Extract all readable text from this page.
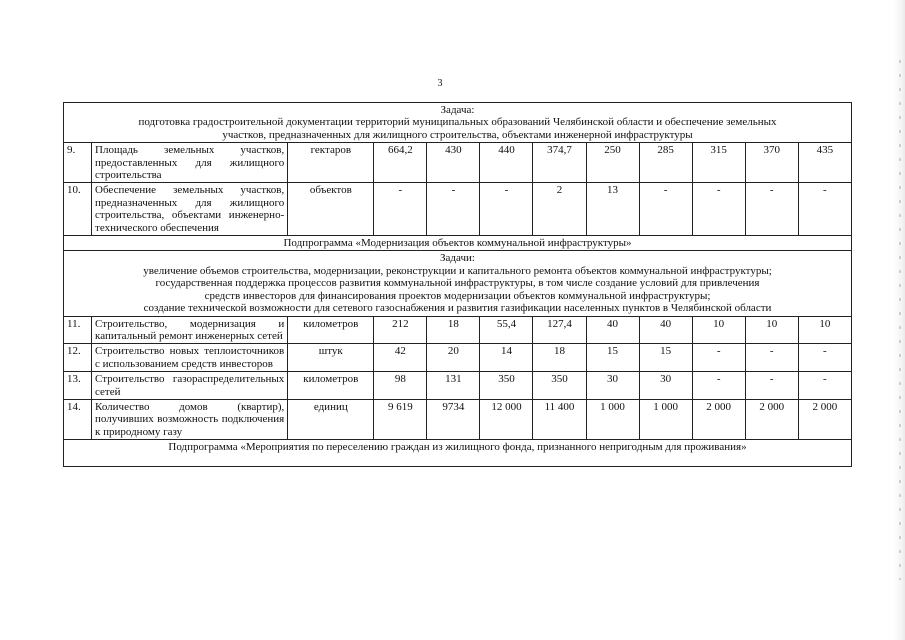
3
Задача:
подготовка градостроительной документации территорий муниципальных образований Челябинской области и обеспечение земельных
участков, предназначенных для жилищного строительства, объектами инженерной инфраструктуры											

9.	Площадь земельных участков, предоставленных для жилищного строительства	гектаров	664,2	430	440	374,7	250	285	315	370	435
10.	Обеспечение земельных участков, предназначенных для жилищного строительства, объектами инженерно-технического обеспечения	объектов	-	-	-	2	13	-	-	-	-
Подпрограмма «Модернизация объектов коммунальной инфраструктуры»											

Задачи:
увеличение объемов строительства, модернизации, реконструкции и капитального ремонта объектов коммунальной инфраструктуры;
государственная поддержка процессов развития коммунальной инфраструктуры, в том числе создание условий для привлечения
средств инвесторов для финансирования проектов модернизации объектов коммунальной инфраструктуры;
создание технической возможности для сетевого газоснабжения и развития газификации населенных пунктов в Челябинской области											

11.	Строительство, модернизация и капитальный ремонт инженерных сетей	километров	212	18	55,4	127,4	40	40	10	10	10
12.	Строительство новых теплоисточников с использованием средств инвесторов	штук	42	20	14	18	15	15	-	-	-
13.	Строительство газораспределительных сетей	километров	98	131	350	350	30	30	-	-	-
14.	Количество домов (квартир), получивших возможность подключения к природному газу	единиц	9 619	9734	12 000	11 400	1 000	1 000	2 000	2 000	2 000
Подпрограмма «Мероприятия по переселению граждан из жилищного фонда, признанного непригодным для проживания»											
